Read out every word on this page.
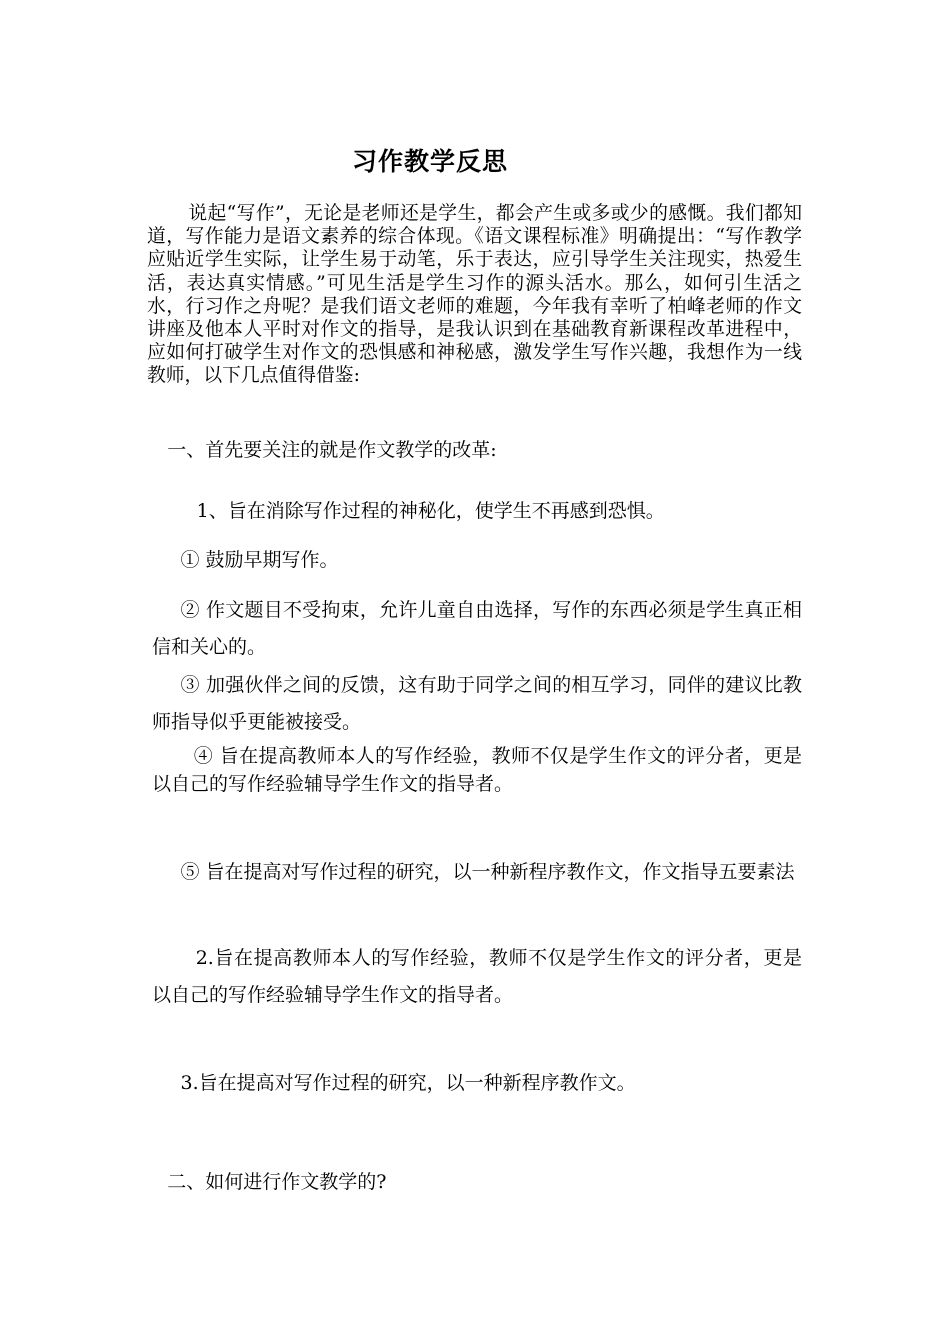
习作教学反思

说起“写作”，无论是老师还是学生，都会产生或多或少的感慨。我们都知道，写作能力是语文素养的综合体现。《语文课程标准》明确提出：“写作教学应贴近学生实际，让学生易于动笔，乐于表达，应引导学生关注现实，热爱生活，表达真实情感。”可见生活是学生习作的源头活水。那么，如何引生活之水，行习作之舟呢？是我们语文老师的难题，今年我有幸听了柏峰老师的作文讲座及他本人平时对作文的指导，是我认识到在基础教育新课程改革进程中，应如何打破学生对作文的恐惧感和神秘感，激发学生写作兴趣，我想作为一线教师，以下几点值得借鉴:

一、首先要关注的就是作文教学的改革:

1、旨在消除写作过程的神秘化，使学生不再感到恐惧。

① 鼓励早期写作。

② 作文题目不受拘束，允许儿童自由选择，写作的东西必须是学生真正相信和关心的。

③ 加强伙伴之间的反馈，这有助于同学之间的相互学习，同伴的建议比教师指导似乎更能被接受。

④ 旨在提高教师本人的写作经验，教师不仅是学生作文的评分者，更是以自己的写作经验辅导学生作文的指导者。

⑤ 旨在提高对写作过程的研究，以一种新程序教作文，作文指导五要素法

2.旨在提高教师本人的写作经验，教师不仅是学生作文的评分者，更是以自己的写作经验辅导学生作文的指导者。

3.旨在提高对写作过程的研究，以一种新程序教作文。

二、如何进行作文教学的?
